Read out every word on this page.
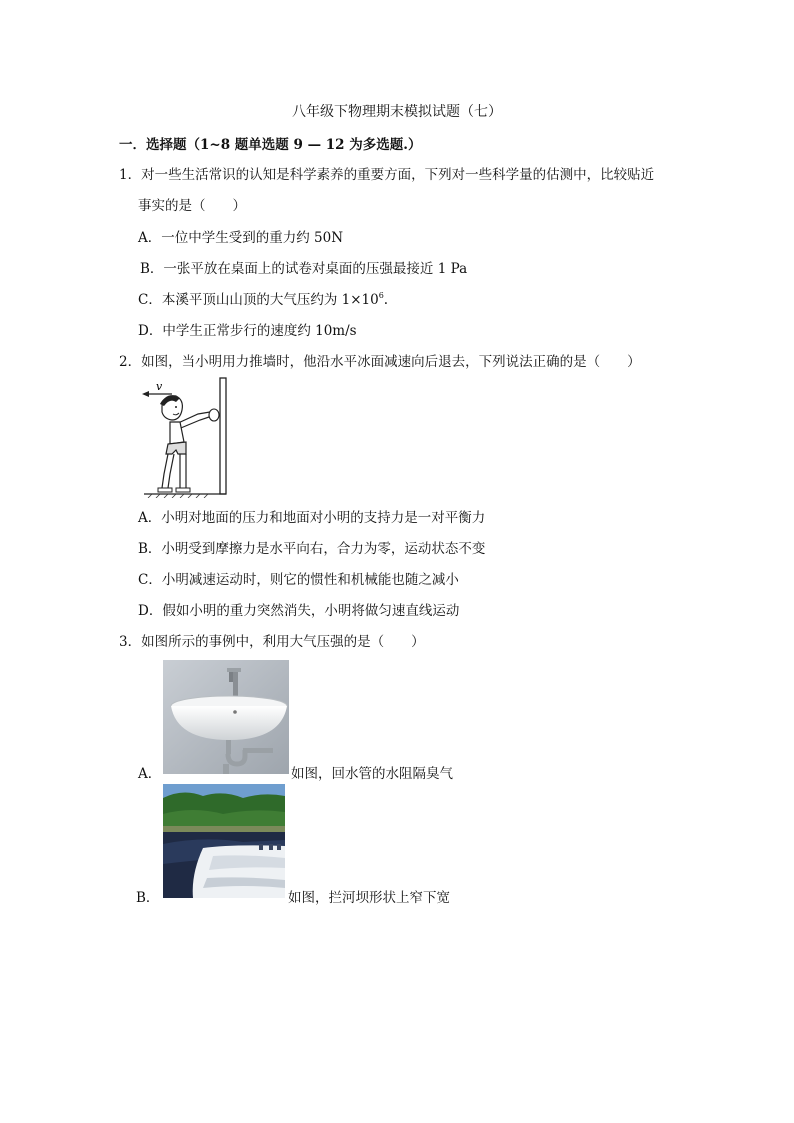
八年级下物理期末模拟试题（七）
一．选择题（1~8 题单选题 9 — 12 为多选题.）
1．对一些生活常识的认知是科学素养的重要方面，下列对一些科学量的估测中，比较贴近
事实的是（　　）
A．一位中学生受到的重力约 50N
B．一张平放在桌面上的试卷对桌面的压强最接近 1 Pa
C．本溪平顶山山顶的大气压约为 $1\times 10^6$.
D．中学生正常步行的速度约 10m/s
2．如图，当小明用力推墙时，他沿水平冰面减速向后退去，下列说法正确的是（　　）
v
A．小明对地面的压力和地面对小明的支持力是一对平衡力
B．小明受到摩擦力是水平向右，合力为零，运动状态不变
C．小明减速运动时，则它的惯性和机械能也随之减小
D．假如小明的重力突然消失，小明将做匀速直线运动
3．如图所示的事例中，利用大气压强的是（　　）
A．	如图，回水管的水阻隔臭气
B．	如图，拦河坝形状上窄下宽
